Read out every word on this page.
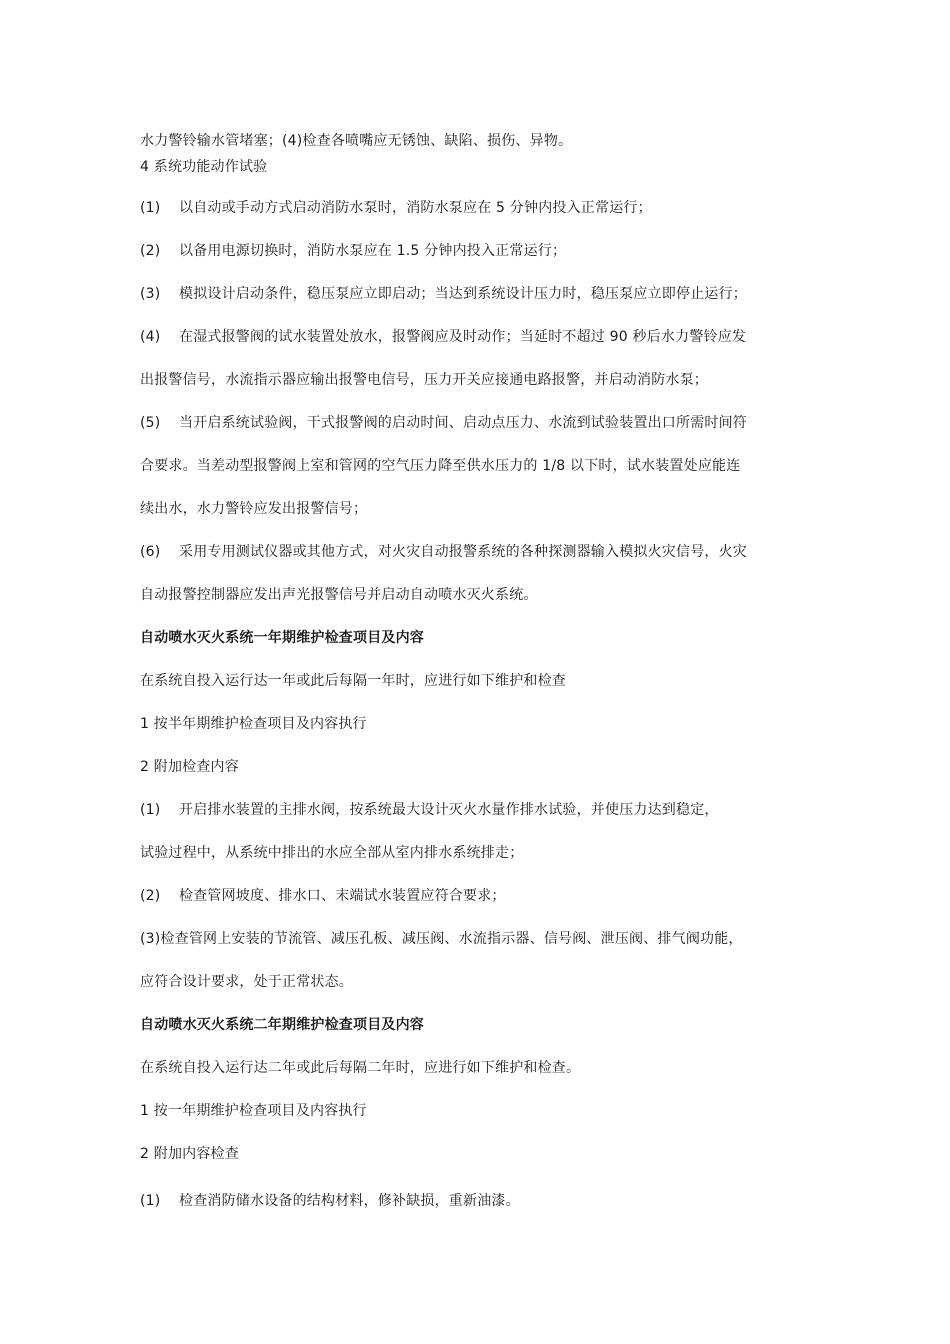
水力警铃输水管堵塞；(4)检查各喷嘴应无锈蚀、缺陷、损伤、异物。
4 系统功能动作试验
(1) 以自动或手动方式启动消防水泵时，消防水泵应在 5 分钟内投入正常运行；
(2) 以备用电源切换时，消防水泵应在 1.5 分钟内投入正常运行；
(3) 模拟设计启动条件，稳压泵应立即启动；当达到系统设计压力时，稳压泵应立即停止运行；
(4) 在湿式报警阀的试水装置处放水，报警阀应及时动作；当延时不超过 90 秒后水力警铃应发
出报警信号，水流指示器应输出报警电信号，压力开关应接通电路报警，并启动消防水泵；
(5) 当开启系统试验阀，干式报警阀的启动时间、启动点压力、水流到试验装置出口所需时间符
合要求。当差动型报警阀上室和管网的空气压力降至供水压力的 1/8 以下时，试水装置处应能连
续出水，水力警铃应发出报警信号；
(6) 采用专用测试仪器或其他方式，对火灾自动报警系统的各种探测器输入模拟火灾信号，火灾
自动报警控制器应发出声光报警信号并启动自动喷水灭火系统。
自动喷水灭火系统一年期维护检查项目及内容
在系统自投入运行达一年或此后每隔一年时，应进行如下维护和检查
1 按半年期维护检查项目及内容执行
2 附加检查内容
(1) 开启排水装置的主排水阀，按系统最大设计灭火水量作排水试验，并使压力达到稳定，
试验过程中，从系统中排出的水应全部从室内排水系统排走；
(2) 检查管网坡度、排水口、末端试水装置应符合要求；
(3)检查管网上安装的节流管、减压孔板、减压阀、水流指示器、信号阀、泄压阀、排气阀功能，
应符合设计要求，处于正常状态。
自动喷水灭火系统二年期维护检查项目及内容
在系统自投入运行达二年或此后每隔二年时，应进行如下维护和检查。
1 按一年期维护检查项目及内容执行
2 附加内容检查
(1) 检查消防储水设备的结构材料，修补缺损，重新油漆。
